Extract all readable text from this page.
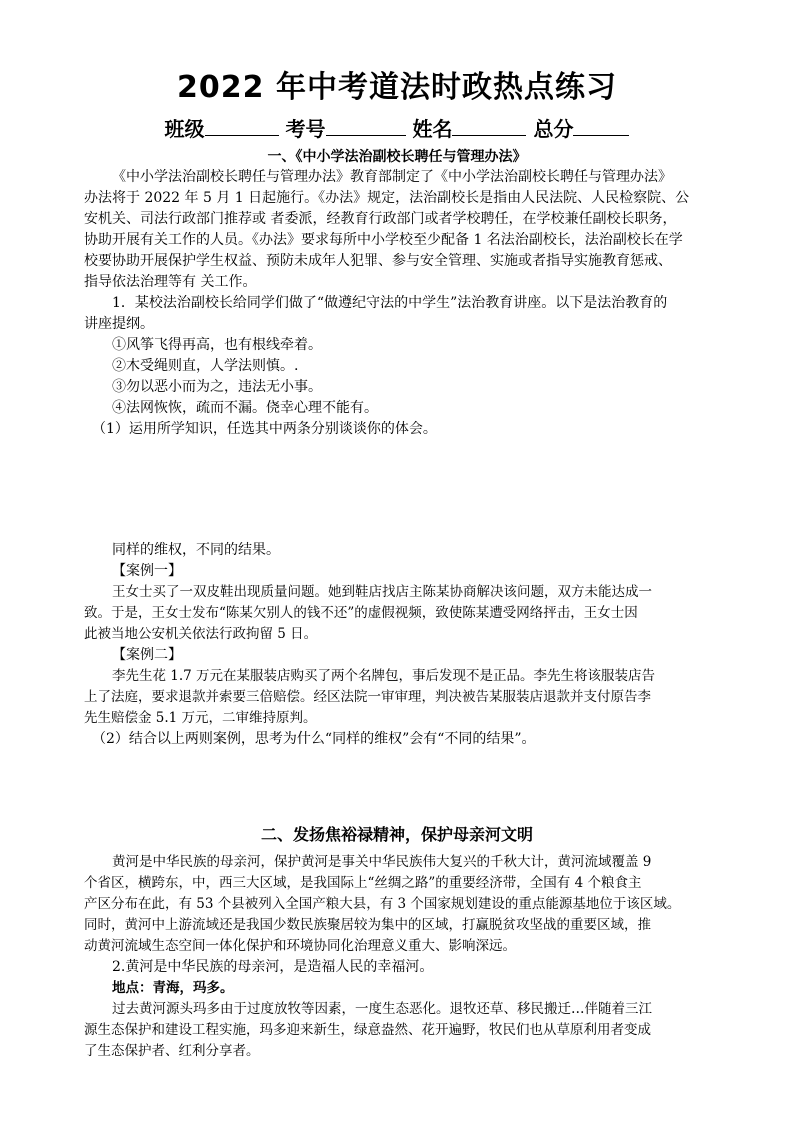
2022 年中考道法时政热点练习
班级	考号	姓名	总分
一、《中小学法治副校长聘任与管理办法》

《中小学法治副校长聘任与管理办法》教育部制定了《中小学法治副校长聘任与管理办法》

办法将于 2022 年 5 月 1 日起施行。《办法》规定，法治副校长是指由人民法院、人民检察院、公

安机关、司法行政部门推荐或 者委派，经教育行政部门或者学校聘任，在学校兼任副校长职务，

协助开展有关工作的人员。《办法》要求每所中小学校至少配备 1 名法治副校长，法治副校长在学

校要协助开展保护学生权益、预防未成年人犯罪、参与安全管理、实施或者指导实施教育惩戒、

指导依法治理等有 关工作。

1．某校法治副校长给同学们做了“做遵纪守法的中学生”法治教育讲座。以下是法治教育的

讲座提纲。

①风筝飞得再高，也有根线牵着。

②木受绳则直，人学法则慎。.

③勿以恶小而为之，违法无小事。

④法网恢恢，疏而不漏。侥幸心理不能有。

（1）运用所学知识，任选其中两条分别谈谈你的体会。

同样的维权，不同的结果。

【案例一】

王女士买了一双皮鞋出现质量问题。她到鞋店找店主陈某协商解决该问题，双方未能达成一

致。于是，王女士发布“陈某欠别人的钱不还”的虚假视频，致使陈某遭受网络抨击，王女士因

此被当地公安机关依法行政拘留 5 日。

【案例二】

李先生花 1.7 万元在某服装店购买了两个名牌包，事后发现不是正品。李先生将该服装店告

上了法庭，要求退款并索要三倍赔偿。经区法院一审审理，判决被告某服装店退款并支付原告李

先生赔偿金 5.1 万元，二审维持原判。

（2）结合以上两则案例，思考为什么“同样的维权”会有“不同的结果”。

二、发扬焦裕禄精神，保护母亲河文明

黄河是中华民族的母亲河，保护黄河是事关中华民族伟大复兴的千秋大计，黄河流域覆盖 9

个省区，横跨东，中，西三大区域，是我国际上“丝绸之路”的重要经济带，全国有 4 个粮食主

产区分布在此，有 53 个县被列入全国产粮大县，有 3 个国家规划建设的重点能源基地位于该区域。

同时，黄河中上游流域还是我国少数民族聚居较为集中的区域，打赢脱贫攻坚战的重要区域，推

动黄河流域生态空间一体化保护和环境协同化治理意义重大、影响深远。

2.黄河是中华民族的母亲河，是造福人民的幸福河。

地点：青海，玛多。

过去黄河源头玛多由于过度放牧等因素，一度生态恶化。退牧还草、移民搬迁…伴随着三江

源生态保护和建设工程实施，玛多迎来新生，绿意盎然、花开遍野，牧民们也从草原利用者变成

了生态保护者、红利分享者。
